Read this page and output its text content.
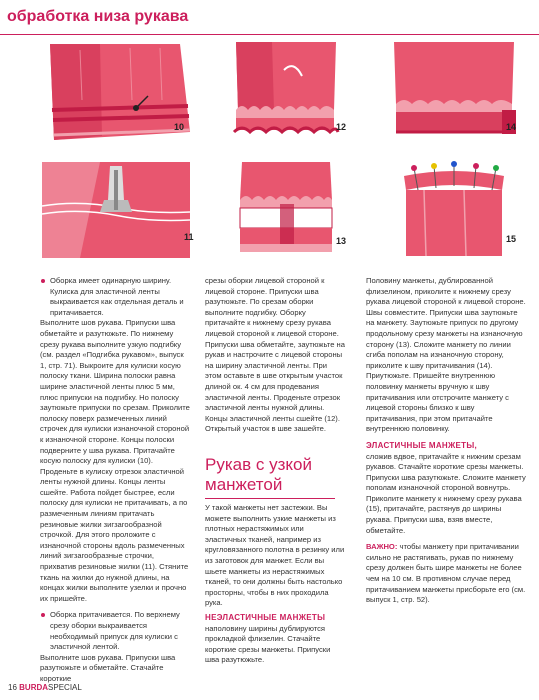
обработка низа рукава
10	12	14
11	13	15

Оборка имеет одинарную ширину. Кулиска для эластичной ленты выкраивается как отдельная деталь и притачивается.

Выполните шов рукава. Припуски шва обметайте и разутюжьте. По нижнему срезу рукава выполните узкую подгибку (см. раздел «Подгибка рукавом», выпуск 1, стр. 71). Выкроите для кулиски косую полоску ткани. Ширина полоски равна ширине эластичной ленты плюс 5 мм, плюс припуски на подгибку. Но полоску заутюжьте припуски по срезам. Приколите полоску поверх размеченных линий строчек для кулиски изнаночной стороной к изнаночной стороне. Концы полоски подверните у шва рукава. Притачайте косую полоску для кулиски (10). Проденьте в кулиску отрезок эластичной ленты нужной длины. Концы ленты сшейте. Работа пойдет быстрее, если полоску для кулиски не притачивать, а по размеченным линиям притачать резиновые жилки зигзагообразной строчкой. Для этого проложите с изнаночной стороны вдоль размеченных линий зигзагообразные строчки, прихватив резиновые жилки (11). Стяните ткань на жилки до нужной длины, на концах жилки выполните узелки и прочно их пришейте.

Оборка притачивается. По верхнему срезу оборки выкраивается необходимый припуск для кулиски с эластичной лентой.

Выполните шов рукава. Припуски шва разутюжьте и обметайте. Стачайте короткие

срезы оборки лицевой стороной к лицевой стороне. Припуски шва разутюжьте. По срезам оборки выполните подгибку. Оборку притачайте к нижнему срезу рукава лицевой стороной к лицевой стороне.

Припуски шва обметайте, заутюжьте на рукав и настрочите с лицевой стороны на ширину эластичной ленты. При этом оставьте в шве открытым участок длиной ок. 4 см для продевания эластичной ленты. Проденьте отрезок эластичной ленты нужной длины. Концы эластичной ленты сшейте (12). Открытый участок в шве зашейте.

Рукав с узкой манжетой

У такой манжеты нет застежки. Вы можете выполнить узкие манжеты из плотных нерастяжимых или эластичных тканей, например из кругловязанного полотна в резинку или из заготовок для манжет. Если вы шьете манжеты из нерастяжимых тканей, то они должны быть настолько просторны, чтобы в них проходила рука.

НЕЭЛАСТИЧНЫЕ МАНЖЕТЫ

наполовину ширины дублируются прокладкой флизелин. Стачайте короткие срезы манжеты. Припуски шва разутюжьте.

Половину манжеты, дублированной флизелином, приколите к нижнему срезу рукава лицевой стороной к лицевой стороне. Швы совместите. Припуски шва заутюжьте на манжету. Заутюжьте припуск по другому продольному срезу манжеты на изнаночную сторону (13). Сложите манжету по линии сгиба пополам на изнаночную сторону, приколите к шву притачивания (14). Приутюжьте. Пришейте внутреннюю половинку манжеты вручную к шву притачивания или отстрочите манжету с лицевой стороны близко к шву притачивания, при этом притачайте внутреннюю половинку.

ЭЛАСТИЧНЫЕ МАНЖЕТЫ,

сложив вдвое, притачайте к нижним срезам рукавов. Стачайте короткие срезы манжеты. Припуски шва разутюжьте. Сложите манжету пополам изнаночной стороной вовнутрь. Приколите манжету к нижнему срезу рукава (15), притачайте, растянув до ширины рукава. Припуски шва, взяв вместе, обметайте.

ВАЖНО: чтобы манжету при притачивании сильно не растягивать, рукав по нижнему срезу должен быть шире манжеты не более чем на 10 см. В противном случае перед притачиванием манжеты присборьте его (см. выпуск 1, стр. 52).

16 BURDASPECIAL
